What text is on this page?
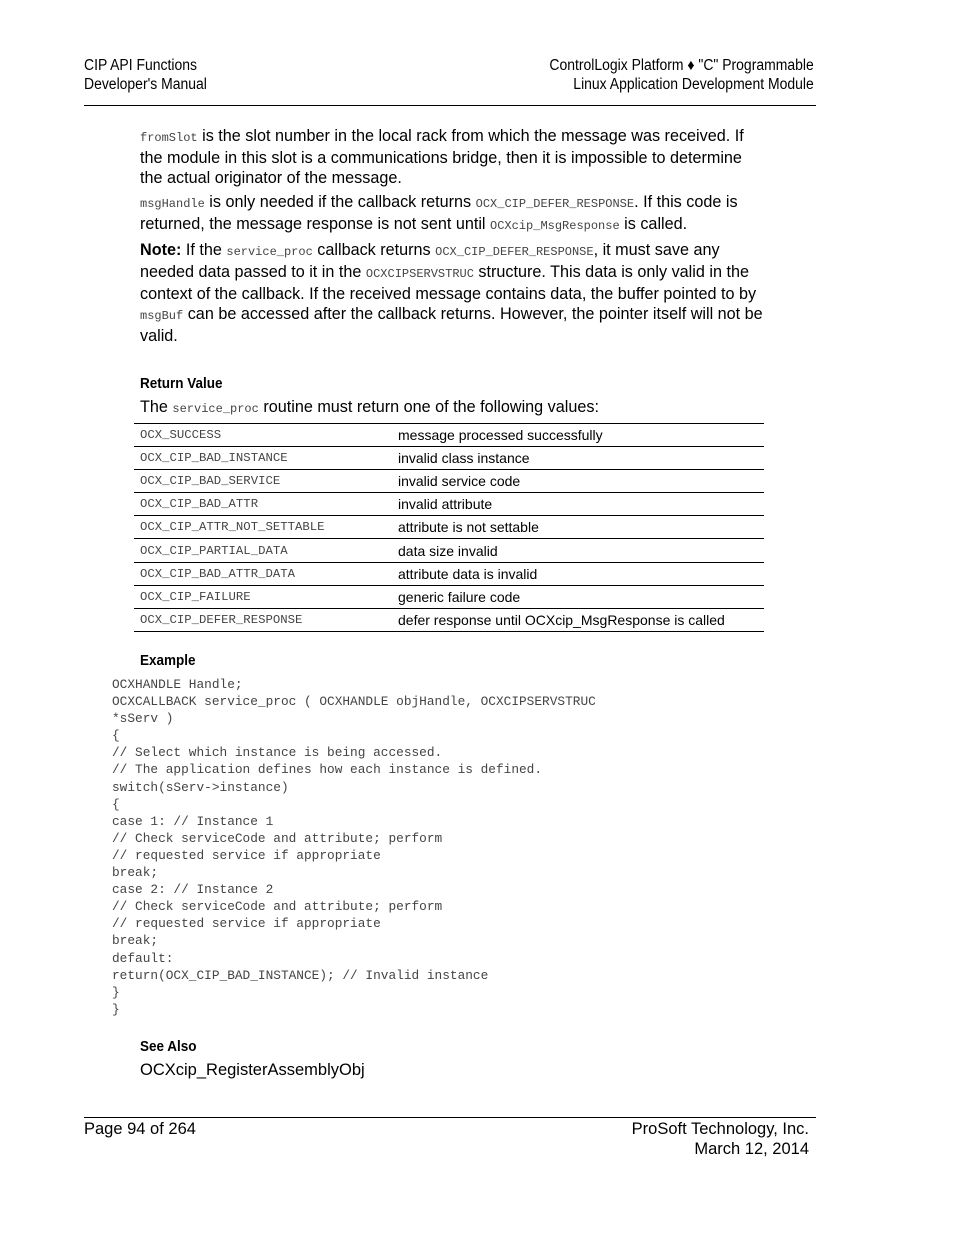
CIP API Functions
Developer's Manual
ControlLogix Platform ♦ "C" Programmable
Linux Application Development Module

fromSlot is the slot number in the local rack from which the message was received. If the module in this slot is a communications bridge, then it is impossible to determine the actual originator of the message.

msgHandle is only needed if the callback returns OCX_CIP_DEFER_RESPONSE. If this code is returned, the message response is not sent until OCXcip_MsgResponse is called.

Note: If the service_proc callback returns OCX_CIP_DEFER_RESPONSE, it must save any needed data passed to it in the OCXCIPSERVSTRUC structure. This data is only valid in the context of the callback. If the received message contains data, the buffer pointed to by msgBuf can be accessed after the callback returns. However, the pointer itself will not be valid.

Return Value
The service_proc routine must return one of the following values:
OCX_SUCCESS	message processed successfully
OCX_CIP_BAD_INSTANCE	invalid class instance
OCX_CIP_BAD_SERVICE	invalid service code
OCX_CIP_BAD_ATTR	invalid attribute
OCX_CIP_ATTR_NOT_SETTABLE	attribute is not settable
OCX_CIP_PARTIAL_DATA	data size invalid
OCX_CIP_BAD_ATTR_DATA	attribute data is invalid
OCX_CIP_FAILURE	generic failure code
OCX_CIP_DEFER_RESPONSE	defer response until OCXcip_MsgResponse is called
Example
OCXHANDLE Handle;
OCXCALLBACK service_proc ( OCXHANDLE objHandle, OCXCIPSERVSTRUC
*sServ )
{
// Select which instance is being accessed.
// The application defines how each instance is defined.
switch(sServ->instance)
{
case 1: // Instance 1
// Check serviceCode and attribute; perform
// requested service if appropriate
break;
case 2: // Instance 2
// Check serviceCode and attribute; perform
// requested service if appropriate
break;
default:
return(OCX_CIP_BAD_INSTANCE); // Invalid instance
}
}
See Also
OCXcip_RegisterAssemblyObj
Page 94 of 264	ProSoft Technology, Inc.
March 12, 2014
